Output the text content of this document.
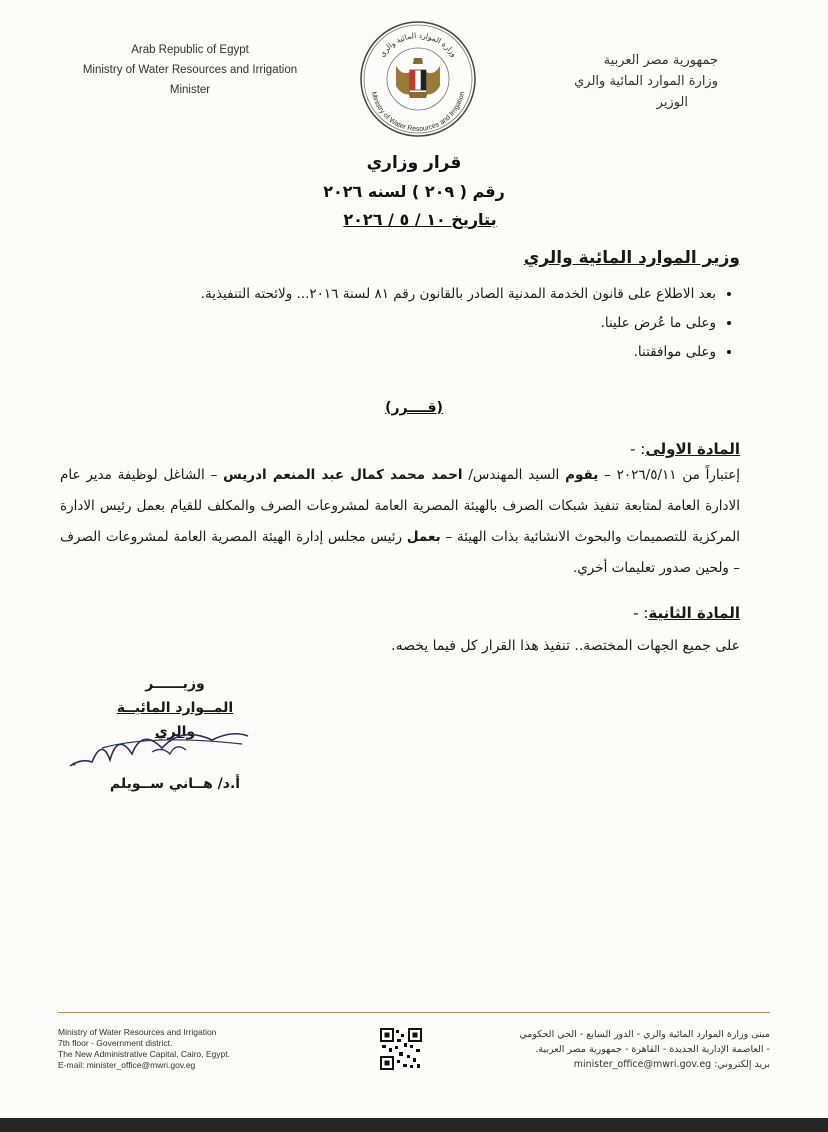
Arab Republic of Egypt
Ministry of Water Resources and Irrigation
Minister
وزارة الموارد المائية والري
Ministry of Water Resources and Irrigation
جمهورية مصر العربية
وزارة الموارد المائية والري
الوزير
قرار وزاري
رقم ( ٢٠٩ ) لسنه ٢٠٢٦
بتاريخ ١٠ / ٥ / ٢٠٢٦
وزير الموارد المائية والري
• بعد الاطلاع على قانون الخدمة المدنية الصادر بالقانون رقم ٨١ لسنة ٢٠١٦... ولائحته التنفيذية.
• وعلى ما عُرض علينا.
• وعلى موافقتنا.
(قــــرر)
المادة الاولى: -
إعتباراً من ٢٠٢٦/٥/١١ – يقوم السيد المهندس/ احمد محمد كمال عبد المنعم ادريس – الشاغل لوظيفة مدير عام الادارة العامة لمتابعة تنفيذ شبكات الصرف بالهيئة المصرية العامة لمشروعات الصرف والمكلف للقيام بعمل رئيس الادارة المركزية للتصميمات والبحوث الانشائية بذات الهيئة – بعمل رئيس مجلس إدارة الهيئة المصرية العامة لمشروعات الصرف – ولحين صدور تعليمات أخري.
المادة الثانية: -
على جميع الجهات المختصة.. تنفيذ هذا القرار كل فيما يخصه.
وزيــــــر
المــوارد المائيــة والري
أ.د/ هــاني ســويلم
Ministry of Water Resources and Irrigation
7th floor - Government district.
The New Administrative Capital, Cairo, Egypt.
E-mail: minister_office@mwri.gov.eg
مبنى وزارة الموارد المائية والري - الدور السابع - الحي الحكومي
- العاصمة الإدارية الجديدة - القاهرة - جمهورية مصر العربية.
بريد إلكتروني: minister_office@mwri.gov.eg
